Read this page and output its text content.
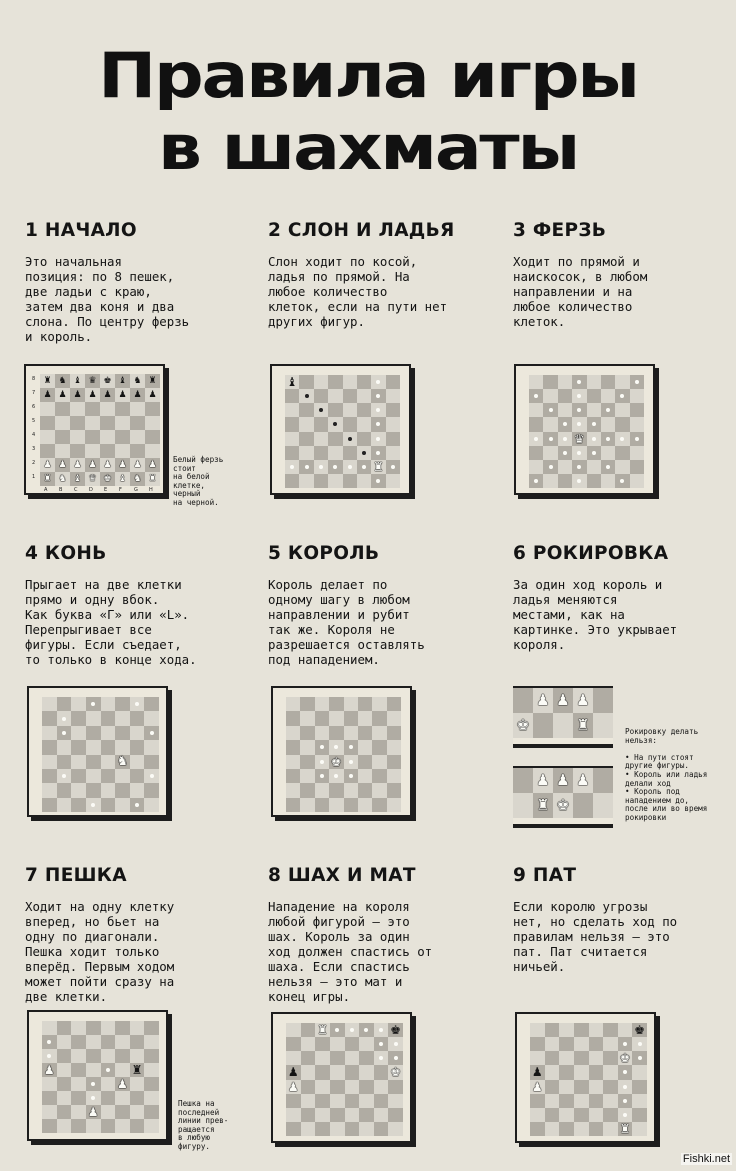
Правила игры
в шахматы
1 НАЧАЛО
Это начальная
позиция: по 8 пешек,
две ладьи с краю,
затем два коня и два
слона. По центру ферзь
и король.
2 СЛОН И ЛАДЬЯ
Слон ходит по косой,
ладья по прямой. На
любое количество
клеток, если на пути нет
других фигур.
3 ФЕРЗЬ
Ходит по прямой и
наискосок, в любом
направлении и на
любое количество
клеток.
♜ ♞ ♝ ♛ ♚ ♝ ♞ ♜
♟ ♟ ♟ ♟ ♟ ♟ ♟ ♟
♟ ♟ ♟ ♟ ♟ ♟ ♟ ♟
♜ ♞ ♝ ♛ ♚ ♝ ♞ ♜
8
7
6
5
4
3
2
1
A B C D E F G H
Белый ферзь
стоит
на белой
клетке,
черный
на черной.
♝
♜
♛
4 КОНЬ
Прыгает на две клетки
прямо и одну вбок.
Как буква «Г» или «L».
Перепрыгивает все
фигуры. Если съедает,
то только в конце хода.
5 КОРОЛЬ
Король делает по
одному шагу в любом
направлении и рубит
так же. Короля не
разрешается оставлять
под нападением.
6 РОКИРОВКА
За один ход король и
ладья меняются
местами, как на
картинке. Это укрывает
короля.
♞	♚
♟ ♟ ♟
♚	♜
♟ ♟ ♟
♜ ♚
Рокировку делать
нельзя:

• На пути стоят
другие фигуры.
• Король или ладья
делали ход
• Король под
нападением до,
после или во время
рокировки
7 ПЕШКА
Ходит на одну клетку
вперед, но бьет на
одну по диагонали.
Пешка ходит только
вперёд. Первым ходом
может пойти сразу на
две клетки.
8 ШАХ И МАТ
Нападение на короля
любой фигурой — это
шах. Король за один
ход должен спастись от
шаха. Если спастись
нельзя — это мат и
конец игры.
9 ПАТ
Если королю угрозы
нет, но сделать ход по
правилам нельзя — это
пат. Пат считается
ничьей.
♟	♜
♟
♟
Пешка на
последней
линии прев-
ращается
в любую
фигуру.
♜	♚
♟	♚
♟
♚
♚
♟
♟
♜
Fishki.net
